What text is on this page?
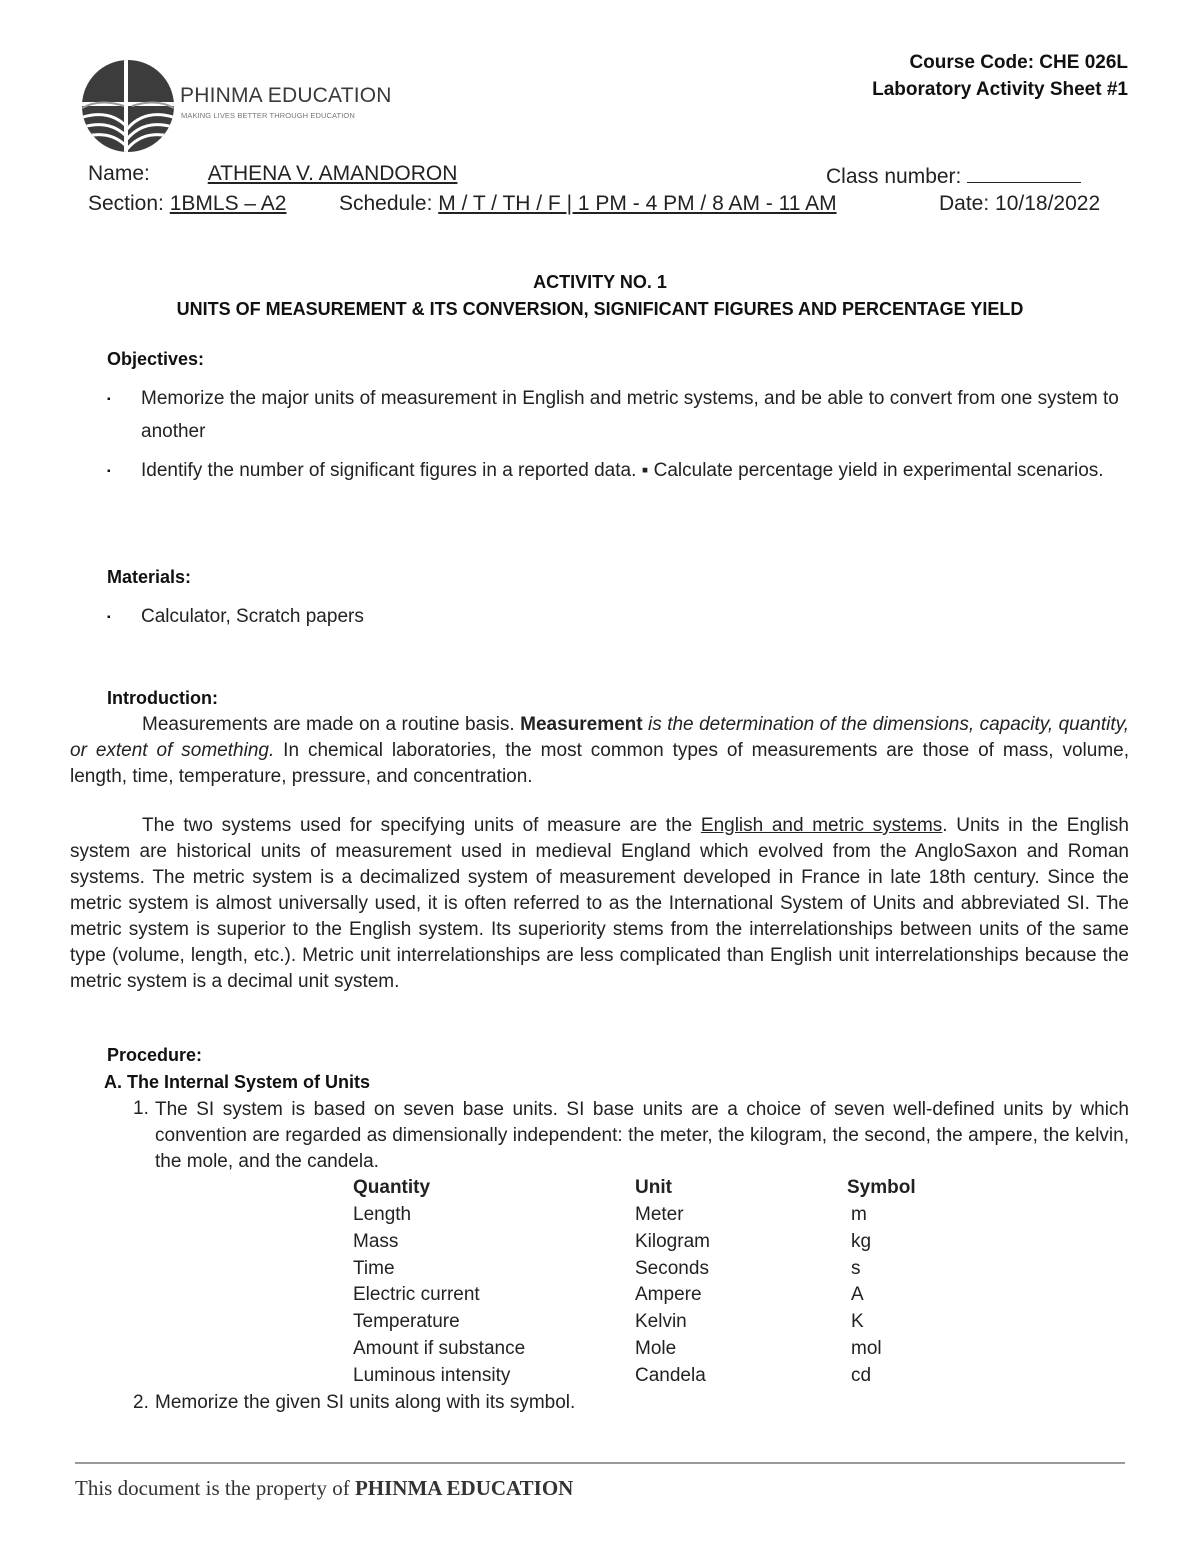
PHINMA EDUCATION
MAKING LIVES BETTER THROUGH EDUCATION
Course Code: CHE 026L
Laboratory Activity Sheet #1
Name:	ATHENA V. AMANDORON	Class number:
Section: 1BMLS – A2	Schedule: M / T / TH / F | 1 PM - 4 PM / 8 AM - 11 AM	Date: 10/18/2022
ACTIVITY NO. 1
UNITS OF MEASUREMENT & ITS CONVERSION, SIGNIFICANT FIGURES AND PERCENTAGE YIELD
Objectives:
▪ Memorize the major units of measurement in English and metric systems, and be able to convert from one system to another
▪ Identify the number of significant figures in a reported data. ▪ Calculate percentage yield in experimental scenarios.
Materials:
▪ Calculator, Scratch papers
Introduction:
Measurements are made on a routine basis. Measurement is the determination of the dimensions, capacity, quantity, or extent of something. In chemical laboratories, the most common types of measurements are those of mass, volume, length, time, temperature, pressure, and concentration.
The two systems used for specifying units of measure are the English and metric systems. Units in the English system are historical units of measurement used in medieval England which evolved from the AngloSaxon and Roman systems. The metric system is a decimalized system of measurement developed in France in late 18th century. Since the metric system is almost universally used, it is often referred to as the International System of Units and abbreviated SI. The metric system is superior to the English system. Its superiority stems from the interrelationships between units of the same type (volume, length, etc.). Metric unit interrelationships are less complicated than English unit interrelationships because the metric system is a decimal unit system.
Procedure:
A. The Internal System of Units
1. The SI system is based on seven base units. SI base units are a choice of seven well-defined units by which convention are regarded as dimensionally independent: the meter, the kilogram, the second, the ampere, the kelvin, the mole, and the candela.
Quantity	Unit	Symbol
Length	Meter	m
Mass	Kilogram	kg
Time	Seconds	s
Electric current	Ampere	A
Temperature	Kelvin	K
Amount if substance	Mole	mol
Luminous intensity	Candela	cd
2. Memorize the given SI units along with its symbol.
This document is the property of PHINMA EDUCATION
